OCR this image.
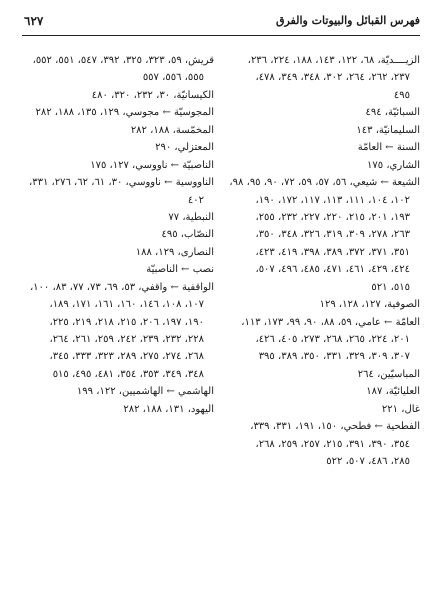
فهرس القبائل والبيوتات والفرق
٦٢٧
الزيــــديّة، ٦٨، ١٢٢، ١٤٣، ١٨٨، ٢٢٤، ٢٣٦،
٢٣٧، ٢٦٢، ٢٦٤، ٣٠٢، ٣٤٨، ٣٤٩، ٤٧٨،
٤٩٥
السبائيّة، ٤٩٤
السليمانيّة، ١٤٣
السنة ← العامّة
الشاري، ١٧٥
الشيعة ← شيعي، ٥٦، ٥٧، ٥٩، ٧٢، ٩٠، ٩٥، ٩٨،
١٠٢، ١٠٤، ١١١، ١١٣، ١١٧، ١٧٢، ١٩٠،
١٩٣، ٢٠١، ٢١٥، ٢٢٠، ٢٢٧، ٢٣٢، ٢٥٥،
٢٦٣، ٢٧٨، ٣٠٩، ٣١٩، ٣٢٦، ٣٤٨، ٣٥٠،
٣٥١، ٣٧١، ٣٧٢، ٣٨٩، ٣٩٨، ٤١٩، ٤٢٣،
٤٢٤، ٤٢٩، ٤٦١، ٤٧١، ٤٨٥، ٤٩٦، ٥٠٧،
٥١٥، ٥٢١
الصوفية، ١٢٧، ١٢٨، ١٢٩
العامّة ← عامي، ٥٩، ٨٨، ٩٠، ٩٩، ١٧٣، ١١٣،
٢٠١، ٢٢٤، ٢٦٥، ٢٦٨، ٢٧٣، ٤٠٥، ٤٢٦،
٣٠٧، ٣٠٩، ٣٢٩، ٣٣١، ٣٥٠، ٣٨٩، ٣٩٥
المباسيّين، ٢٦٤
العليائيّة، ١٨٧
غال، ٢٢١
الفطحية ← فطحي، ١٥٠، ١٩١، ٣٣١، ٣٣٩،
٣٥٤، ٣٩٠، ٣٩١، ٢١٥، ٢٥٧، ٢٥٩، ٢٦٨،
٢٨٥، ٤٨٦، ٥٠٧، ٥٢٢
قريش، ٥٩، ٣٢٣، ٣٢٥، ٣٩٢، ٥٤٧، ٥٥١، ٥٥٢،
٥٥٥، ٥٥٦، ٥٥٧
الكيسانيّة، ٣٠، ٢٣٢، ٣٢٠، ٤٨٠
المجوسيّة ← مجوسي، ١٢٩، ١٣٥، ١٨٨، ٢٨٢
المخمّسة، ١٨٨، ٢٨٢
المعتزلي، ٢٩٠
الناصبيّة ← ناووسي، ١٢٧، ١٧٥
الناووسية ← ناووسي، ٣٠، ٦١، ٦٢، ٢٧٦، ٣٣١،
٤٠٢
النبطية، ٧٧
النصّاب، ٤٩٥
النصارى، ١٢٩، ١٨٨
نصب ← الناصبيّة
الواقفية ← واقفي، ٥٣، ٦٩، ٧٣، ٧٧، ٨٣، ١٠٠،
١٠٧، ١٠٨، ١٤٦، ١٦٠، ١٦١، ١٧١، ١٨٩،
١٩٠، ١٩٧، ٢٠٦، ٢١٥، ٢١٨، ٢١٩، ٢٢٥،
٢٢٨، ٢٣٢، ٢٣٩، ٢٤٢، ٢٥٩، ٢٦١، ٢٦٤،
٢٦٨، ٢٧٤، ٢٧٥، ٢٨٩، ٣٢٣، ٣٣٣، ٣٤٥،
٣٤٨، ٣٤٩، ٣٥٣، ٣٥٤، ٤٨١، ٤٩٥، ٥١٥
الهاشمي ← الهاشميين، ١٢٢، ١٩٩
اليهود، ١٣١، ١٨٨، ٢٨٢
